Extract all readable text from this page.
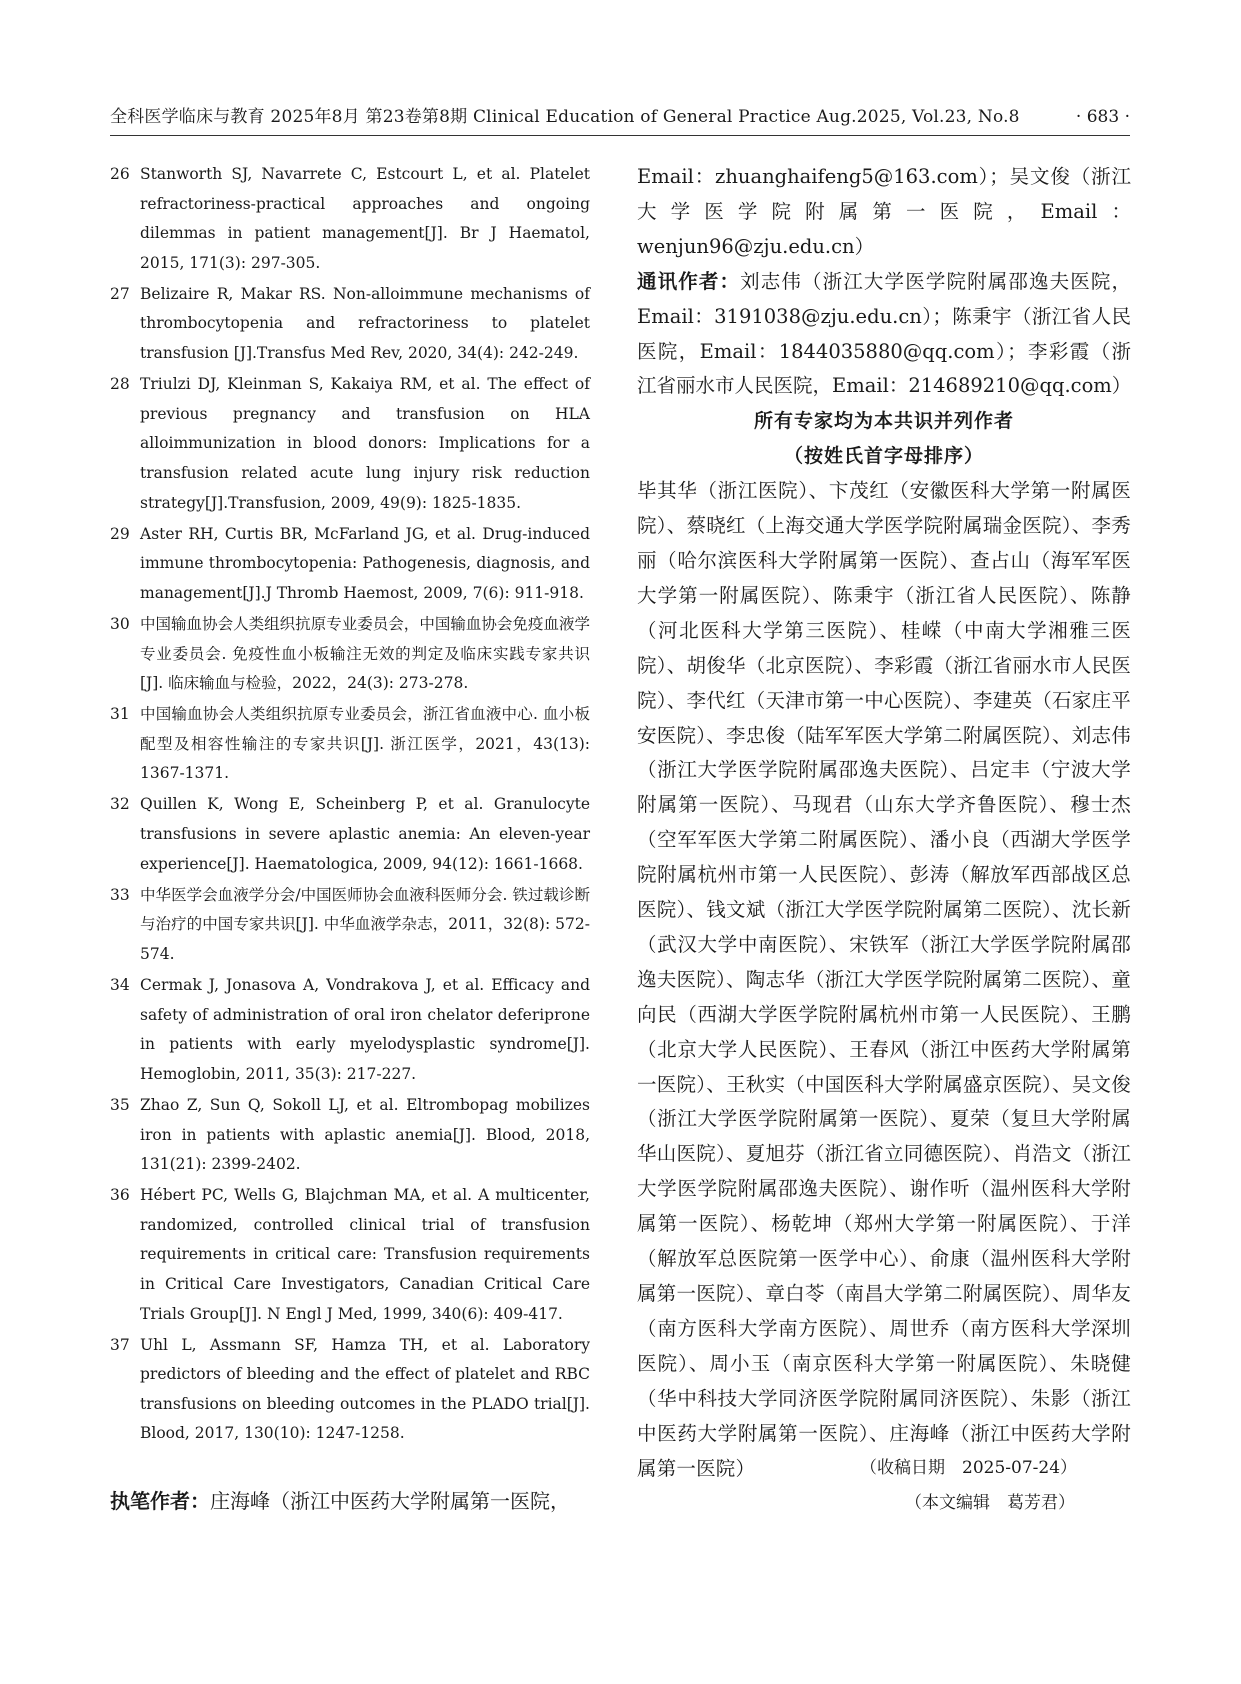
全科医学临床与教育 2025年8月 第23卷第8期 Clinical Education of General Practice Aug.2025, Vol.23, No.8	· 683 ·
26 Stanworth SJ, Navarrete C, Estcourt L, et al. Platelet refractoriness-practical approaches and ongoing dilemmas in patient management[J]. Br J Haematol, 2015, 171(3): 297-305.
27 Belizaire R, Makar RS. Non-alloimmune mechanisms of thrombocytopenia and refractoriness to platelet transfusion [J].Transfus Med Rev, 2020, 34(4): 242-249.
28 Triulzi DJ, Kleinman S, Kakaiya RM, et al. The effect of previous pregnancy and transfusion on HLA alloimmunization in blood donors: Implications for a transfusion related acute lung injury risk reduction strategy[J].Transfusion, 2009, 49(9): 1825-1835.
29 Aster RH, Curtis BR, McFarland JG, et al. Drug-induced immune thrombocytopenia: Pathogenesis, diagnosis, and management[J].J Thromb Haemost, 2009, 7(6): 911-918.
30 中国输血协会人类组织抗原专业委员会，中国输血协会免疫血液学专业委员会. 免疫性血小板输注无效的判定及临床实践专家共识[J]. 临床输血与检验，2022，24(3): 273-278.
31 中国输血协会人类组织抗原专业委员会，浙江省血液中心. 血小板配型及相容性输注的专家共识[J]. 浙江医学，2021，43(13): 1367-1371.
32 Quillen K, Wong E, Scheinberg P, et al. Granulocyte transfusions in severe aplastic anemia: An eleven-year experience[J]. Haematologica, 2009, 94(12): 1661-1668.
33 中华医学会血液学分会/中国医师协会血液科医师分会. 铁过载诊断与治疗的中国专家共识[J]. 中华血液学杂志，2011，32(8): 572-574.
34 Cermak J, Jonasova A, Vondrakova J, et al. Efficacy and safety of administration of oral iron chelator deferiprone in patients with early myelodysplastic syndrome[J]. Hemoglobin, 2011, 35(3): 217-227.
35 Zhao Z, Sun Q, Sokoll LJ, et al. Eltrombopag mobilizes iron in patients with aplastic anemia[J]. Blood, 2018, 131(21): 2399-2402.
36 Hébert PC, Wells G, Blajchman MA, et al. A multicenter, randomized, controlled clinical trial of transfusion requirements in critical care: Transfusion requirements in Critical Care Investigators, Canadian Critical Care Trials Group[J]. N Engl J Med, 1999, 340(6): 409-417.
37 Uhl L, Assmann SF, Hamza TH, et al. Laboratory predictors of bleeding and the effect of platelet and RBC transfusions on bleeding outcomes in the PLADO trial[J]. Blood, 2017, 130(10): 1247-1258.
执笔作者：庄海峰（浙江中医药大学附属第一医院，

Email：zhuanghaifeng5@163.com）；吴文俊（浙江大学医学院附属第一医院，Email：wenjun96@zju.edu.cn）

通讯作者：刘志伟（浙江大学医学院附属邵逸夫医院，Email：3191038@zju.edu.cn）；陈秉宇（浙江省人民医院，Email：1844035880@qq.com）；李彩霞（浙江省丽水市人民医院，Email：214689210@qq.com）

所有专家均为本共识并列作者
（按姓氏首字母排序）

毕其华（浙江医院）、卞茂红（安徽医科大学第一附属医院）、蔡晓红（上海交通大学医学院附属瑞金医院）、李秀丽（哈尔滨医科大学附属第一医院）、查占山（海军军医大学第一附属医院）、陈秉宇（浙江省人民医院）、陈静（河北医科大学第三医院）、桂嵘（中南大学湘雅三医院）、胡俊华（北京医院）、李彩霞（浙江省丽水市人民医院）、李代红（天津市第一中心医院）、李建英（石家庄平安医院）、李忠俊（陆军军医大学第二附属医院）、刘志伟（浙江大学医学院附属邵逸夫医院）、吕定丰（宁波大学附属第一医院）、马现君（山东大学齐鲁医院）、穆士杰（空军军医大学第二附属医院）、潘小良（西湖大学医学院附属杭州市第一人民医院）、彭涛（解放军西部战区总医院）、钱文斌（浙江大学医学院附属第二医院）、沈长新（武汉大学中南医院）、宋铁军（浙江大学医学院附属邵逸夫医院）、陶志华（浙江大学医学院附属第二医院）、童向民（西湖大学医学院附属杭州市第一人民医院）、王鹏（北京大学人民医院）、王春风（浙江中医药大学附属第一医院）、王秋实（中国医科大学附属盛京医院）、吴文俊（浙江大学医学院附属第一医院）、夏荣（复旦大学附属华山医院）、夏旭芬（浙江省立同德医院）、肖浩文（浙江大学医学院附属邵逸夫医院）、谢作听（温州医科大学附属第一医院）、杨乾坤（郑州大学第一附属医院）、于洋（解放军总医院第一医学中心）、俞康（温州医科大学附属第一医院）、章白苓（南昌大学第二附属医院）、周华友（南方医科大学南方医院）、周世乔（南方医科大学深圳医院）、周小玉（南京医科大学第一附属医院）、朱晓健（华中科技大学同济医学院附属同济医院）、朱影（浙江中医药大学附属第一医院）、庄海峰（浙江中医药大学附属第一医院）	（收稿日期　2025-07-24）
（本文编辑　葛芳君）
